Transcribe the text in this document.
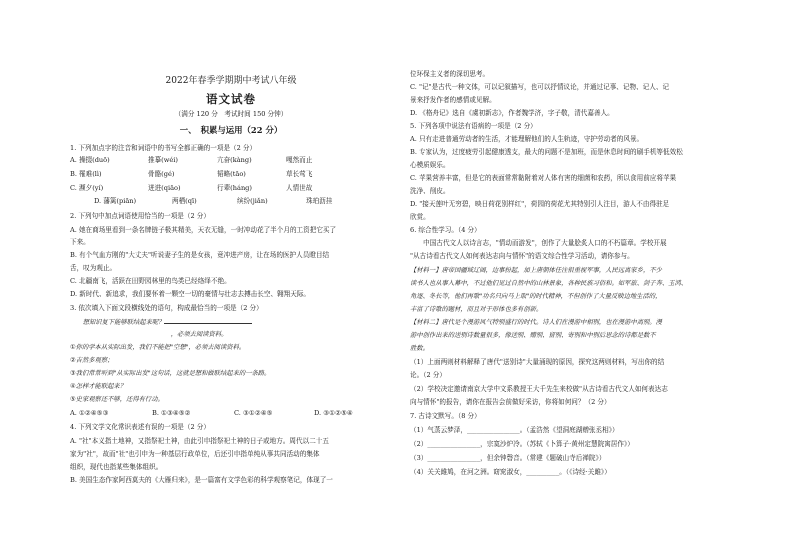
2022年春季学期期中考试八年级
语文试卷
（满分 120 分　考试时间 150 分钟）
一、　积累与运用（22 分）
1. 下列加点字的注音和词语中的书写全都正确的一项是（2 分）
A. 操掇(duō)	推摹(wéi)	亢奋(kàng)	嘎然而止
B. 罹难(lì)	骨骼(gé)	韬略(tāo)	草长莺飞
C. 濒夕(yí)	迸进(qiāo)	行辈(háng)	人情世故
D. 藩篱(piān)	两栖(qī)	缤纷(jiǎn)	珠珀沥挂
2. 下列句中加点词语使用恰当的一项是（2 分）
A. 她在商场里看到一条名牌链子极其精美，天衣无缝，一时冲动花了半个月的工资把它买了
下来。
B. 有个气血方刚的"大丈夫"听说妻子生的是女孩，竟冲进产房，让在场的医护人员瞪目结
舌，叹为观止。
C. 北疆南飞，活跃在田野园林里的鸟类已经络绎不绝。
D. 新时代、新追求，我们要怀着一颗空一切的豪情与壮志去搏击长空、翱翔天际。
3. 依次填入下面文段横线处的语句，构成最恰当的一项是（2 分）
　　想知识复下能够联结起来呢？
　　　　　　　　　　　　　　　　，必须去阅读资料。
①你的学本从实际出发，我们不能把"空想"，必须去阅读资料。
②吉然多观察；
③我们常常听到"从实际出发"这句话，这就是想和做联结起来的一条路。
④怎样才能联起来？
⑤史家观察还不够，还得有行动。
A. ①②④⑤③	B. ①③④⑤②	C. ③①②④⑤	D. ③①②⑤④
4. 下列文学文化常识表述有误的一项是（2 分）
A. "社"本义指土地神，又指祭祀土神，由此引申指祭祀土神的日子或地方。周代以二十五
家为"社"，故而"社"也引申为一种基层行政单位，后还引申指单纯从事共同活动的集体
组织，现代也指某些集体组织。
B. 美国生态作家阿西莫夫的《大雁归来》，是一篇富有文学色彩的科学观察笔记，体现了一
位环保主义者的深切思考。
C. "记"是古代一种文体，可以记叙描写，也可以抒情议论，并通过记事、记物、记人、记
景来抒发作者的感情或见解。
D. 《格舟记》选自《虞初新志》，作者魏学济，字子敬，清代嘉善人。
5. 下列各项中说法有语病的一项是（2 分）
A. 只有走进普通劳动者的生活，才能理解他们的人生轨迹，守护劳动者的风景。
B. 专家认为，过度疲劳引起健康透支，最大的问题不是加班，而是休息时间的刷手机等低效松
心模质娱乐。
C. 苹果营养丰富，但是它的表面常常黏附着对人体有害的细菌和农药，所以食用前应将苹果
洗净、削皮。
D. "接天莲叶无穷碧，映日荷花别样红"，荷园的荷花尤其特别引人注目，游人不由得驻足
欣赏。
6. 综合性学习。（4 分）
　　中国古代文人以诗言志，"情动而游发"，创作了大量脍炙人口的不朽篇章。学校开展
"从古诗看古代文人如何表达志向与情怀"的语文综合性学习活动，请你参与。
【材料一】唐帝国疆域辽阔，边事扮起，加上唐朝体任注很重视军事，人民远离家乡，不少
读书人也从事入幕中，不过他们见过自然中的山林景象，各种民族习俗和。如军旅、剑子奔、玉鸿、
角逐、冬长等，他们再歌"功名只向马上取"的时代精神，不但创作了大量反映边地生活的，
丰富了诗歌的题材，而且对于形体也多有创新。
【材料二】唐代是个漫游风气特别盛行的时代。诗人们在漫游中相别，也在漫游中离别。漫
游中创作出来的送别诗数量很多，像送别、赠别、留别、寄别和中别后思念的诗都是数不
胜数。
（1）上面两则材料解释了唐代"送别诗"大量涌现的原因，探究这两则材料，写出你的结
论。（2 分）
（2）学校决定邀请南京大学中文系教授王大千先生来校做"从古诗看古代文人如何表达志
向与情怀"的报告，请你在报告会前做好采访，你将如何问？（2 分）
7. 古诗文默写。（8 分）
（1）气蒸云梦泽，________________。（孟浩然《望洞庭湖赠张丞相》）
（2）________________，宗寞沙炉冷。（苏轼《卜算子·黄州定慧院寓居作》）
（3）________________，但余钟磬音。（常建《题破山寺后禅院》）
（4）关关雎鸠，在河之洲。窈窕淑女，__________。（《诗经·关雎》）
